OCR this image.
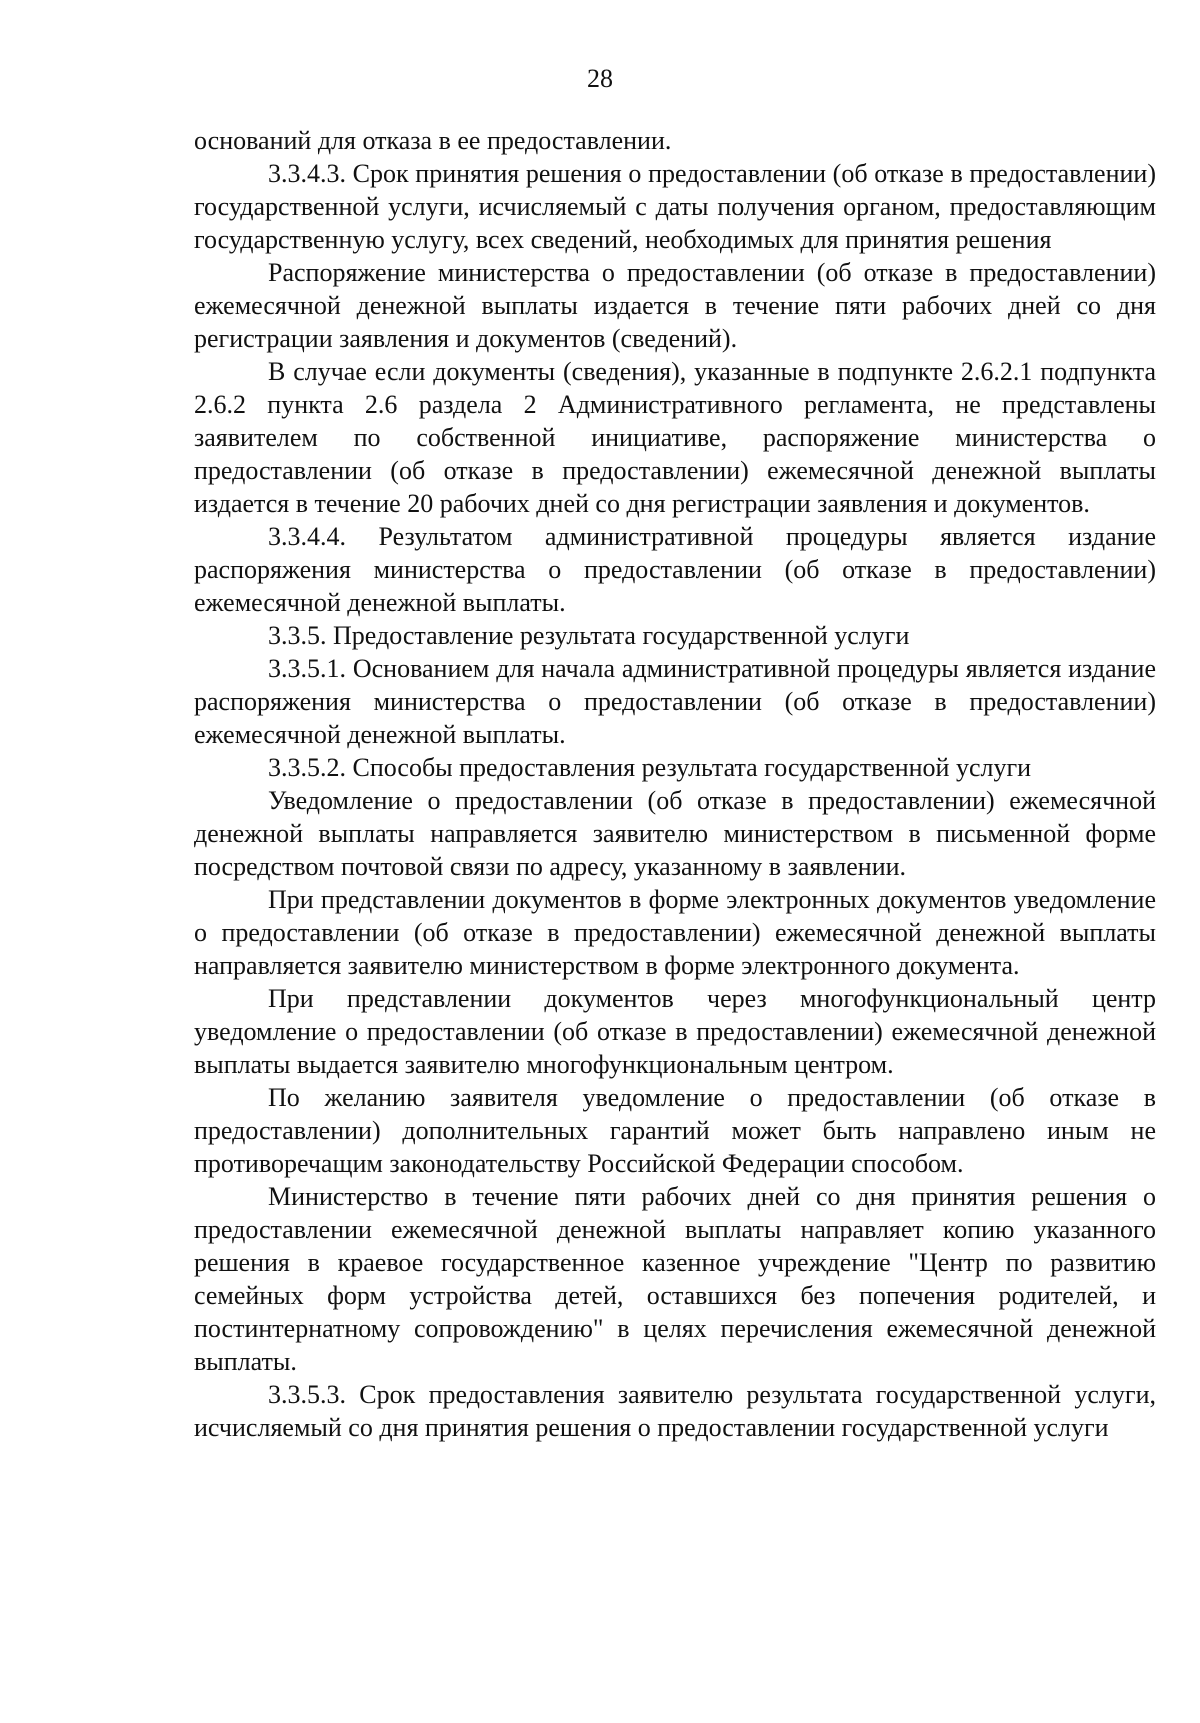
28

оснований для отказа в ее предоставлении.

3.3.4.3. Срок принятия решения о предоставлении (об отказе в предоставлении) государственной услуги, исчисляемый с даты получения органом, предоставляющим государственную услугу, всех сведений, необходимых для принятия решения

Распоряжение министерства о предоставлении (об отказе в предоставлении) ежемесячной денежной выплаты издается в течение пяти рабочих дней со дня регистрации заявления и документов (сведений).

В случае если документы (сведения), указанные в подпункте 2.6.2.1 подпункта 2.6.2 пункта 2.6 раздела 2 Административного регламента, не представлены заявителем по собственной инициативе, распоряжение министерства о предоставлении (об отказе в предоставлении) ежемесячной денежной выплаты издается в течение 20 рабочих дней со дня регистрации заявления и документов.

3.3.4.4. Результатом административной процедуры является издание распоряжения министерства о предоставлении (об отказе в предоставлении) ежемесячной денежной выплаты.

3.3.5. Предоставление результата государственной услуги

3.3.5.1. Основанием для начала административной процедуры является издание распоряжения министерства о предоставлении (об отказе в предоставлении) ежемесячной денежной выплаты.

3.3.5.2. Способы предоставления результата государственной услуги

Уведомление о предоставлении (об отказе в предоставлении) ежемесячной денежной выплаты направляется заявителю министерством в письменной форме посредством почтовой связи по адресу, указанному в заявлении.

При представлении документов в форме электронных документов уведомление о предоставлении (об отказе в предоставлении) ежемесячной денежной выплаты направляется заявителю министерством в форме электронного документа.

При представлении документов через многофункциональный центр уведомление о предоставлении (об отказе в предоставлении) ежемесячной денежной выплаты выдается заявителю многофункциональным центром.

По желанию заявителя уведомление о предоставлении (об отказе в предоставлении) дополнительных гарантий может быть направлено иным не противоречащим законодательству Российской Федерации способом.

Министерство в течение пяти рабочих дней со дня принятия решения о предоставлении ежемесячной денежной выплаты направляет копию указанного решения в краевое государственное казенное учреждение "Центр по развитию семейных форм устройства детей, оставшихся без попечения родителей, и постинтернатному сопровождению" в целях перечисления ежемесячной денежной выплаты.

3.3.5.3. Срок предоставления заявителю результата государственной услуги, исчисляемый со дня принятия решения о предоставлении государственной услуги
